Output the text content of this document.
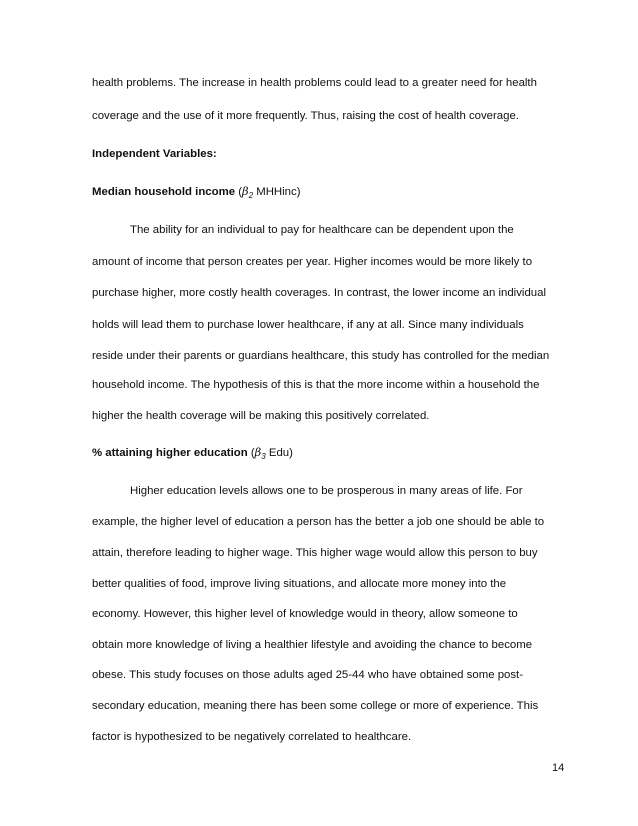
health problems. The increase in health problems could lead to a greater need for health
coverage and the use of it more frequently. Thus, raising the cost of health coverage.
Independent Variables:
Median household income ($\beta_2$ MHHinc)
The ability for an individual to pay for healthcare can be dependent upon the
amount of income that person creates per year. Higher incomes would be more likely to
purchase higher, more costly health coverages. In contrast, the lower income an individual
holds will lead them to purchase lower healthcare, if any at all. Since many individuals
reside under their parents or guardians healthcare, this study has controlled for the median
household income. The hypothesis of this is that the more income within a household the
higher the health coverage will be making this positively correlated.
% attaining higher education ($\beta_3$ Edu)
Higher education levels allows one to be prosperous in many areas of life. For
example, the higher level of education a person has the better a job one should be able to
attain, therefore leading to higher wage. This higher wage would allow this person to buy
better qualities of food, improve living situations, and allocate more money into the
economy. However, this higher level of knowledge would in theory, allow someone to
obtain more knowledge of living a healthier lifestyle and avoiding the chance to become
obese. This study focuses on those adults aged 25-44 who have obtained some post-
secondary education, meaning there has been some college or more of experience. This
factor is hypothesized to be negatively correlated to healthcare.
14
